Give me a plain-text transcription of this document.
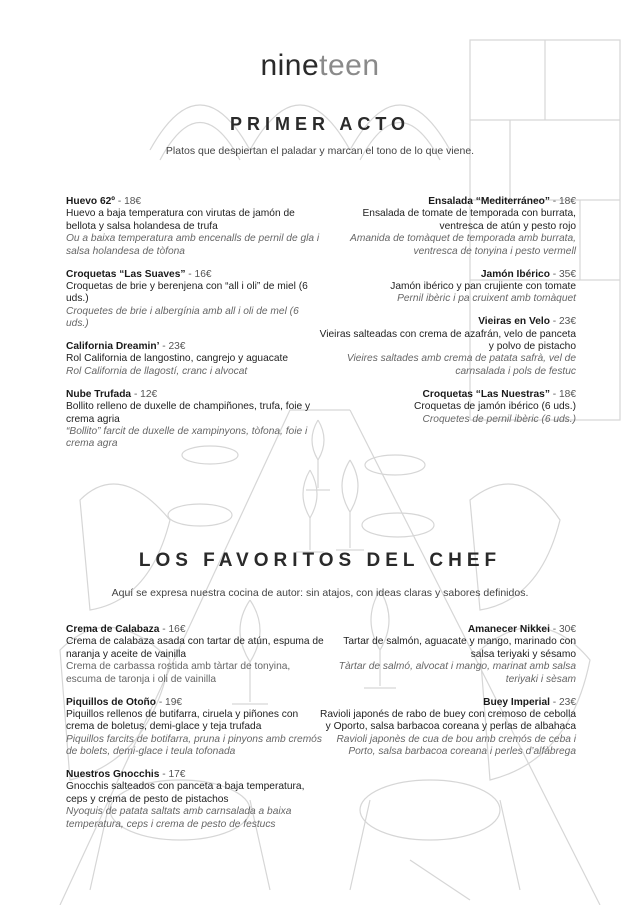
nineteen
PRIMER ACTO
Platos que despiertan el paladar y marcan el tono de lo que viene.
Huevo 62º - 18€
Huevo a baja temperatura con virutas de jamón de bellota y salsa holandesa de trufa
Ou a baixa temperatura amb encenalls de pernil de gla i salsa holandesa de tòfona
Croquetas “Las Suaves” - 16€
Croquetas de brie y berenjena con “all i oli” de miel (6 uds.)
Croquetes de brie i albergínia amb all i oli de mel (6 uds.)
California Dreamin’ - 23€
Rol California de langostino, cangrejo y aguacate
Rol California de llagostí, cranc i alvocat
Nube Trufada - 12€
Bollito relleno de duxelle de champiñones, trufa, foie y crema agria
“Bollito” farcit de duxelle de xampinyons, tòfona, foie i crema agra
Ensalada “Mediterráneo” - 18€
Ensalada de tomate de temporada con burrata, ventresca de atún y pesto rojo
Amanida de tomàquet de temporada amb burrata, ventresca de tonyina i pesto vermell
Jamón Ibérico - 35€
Jamón ibérico y pan crujiente con tomate
Pernil ibèric i pa cruixent amb tomàquet
Vieiras en Velo - 23€
Vieiras salteadas con crema de azafrán, velo de panceta y polvo de pistacho
Vieires saltades amb crema de patata safrà, vel de carnsalada i pols de festuc
Croquetas “Las Nuestras” - 18€
Croquetas de jamón ibérico (6 uds.)
Croquetes de pernil ibèric (6 uds.)
LOS FAVORITOS DEL CHEF
Aquí se expresa nuestra cocina de autor: sin atajos, con ideas claras y sabores definidos.
Crema de Calabaza - 16€
Crema de calabaza asada con tartar de atún, espuma de naranja y aceite de vainilla
Crema de carbassa rostida amb tàrtar de tonyina, escuma de taronja i oli de vainilla
Piquillos de Otoño - 19€
Piquillos rellenos de butifarra, ciruela y piñones con crema de boletus, demi-glace y teja trufada
Piquillos farcits de botifarra, pruna i pinyons amb cremós de bolets, demi-glace i teula tofonada
Nuestros Gnocchis - 17€
Gnocchis salteados con panceta a baja temperatura, ceps y crema de pesto de pistachos
Nyoquis de patata saltats amb carnsalada a baixa temperatura, ceps i crema de pesto de festucs
Amanecer Nikkei - 30€
Tartar de salmón, aguacate y mango, marinado con salsa teriyaki y sésamo
Tàrtar de salmó, alvocat i mango, marinat amb salsa teriyaki i sèsam
Buey Imperial - 23€
Ravioli japonés de rabo de buey con cremoso de cebolla y Oporto, salsa barbacoa coreana y perlas de albahaca
Ravioli japonès de cua de bou amb cremós de ceba i Porto, salsa barbacoa coreana i perles d’alfàbrega
